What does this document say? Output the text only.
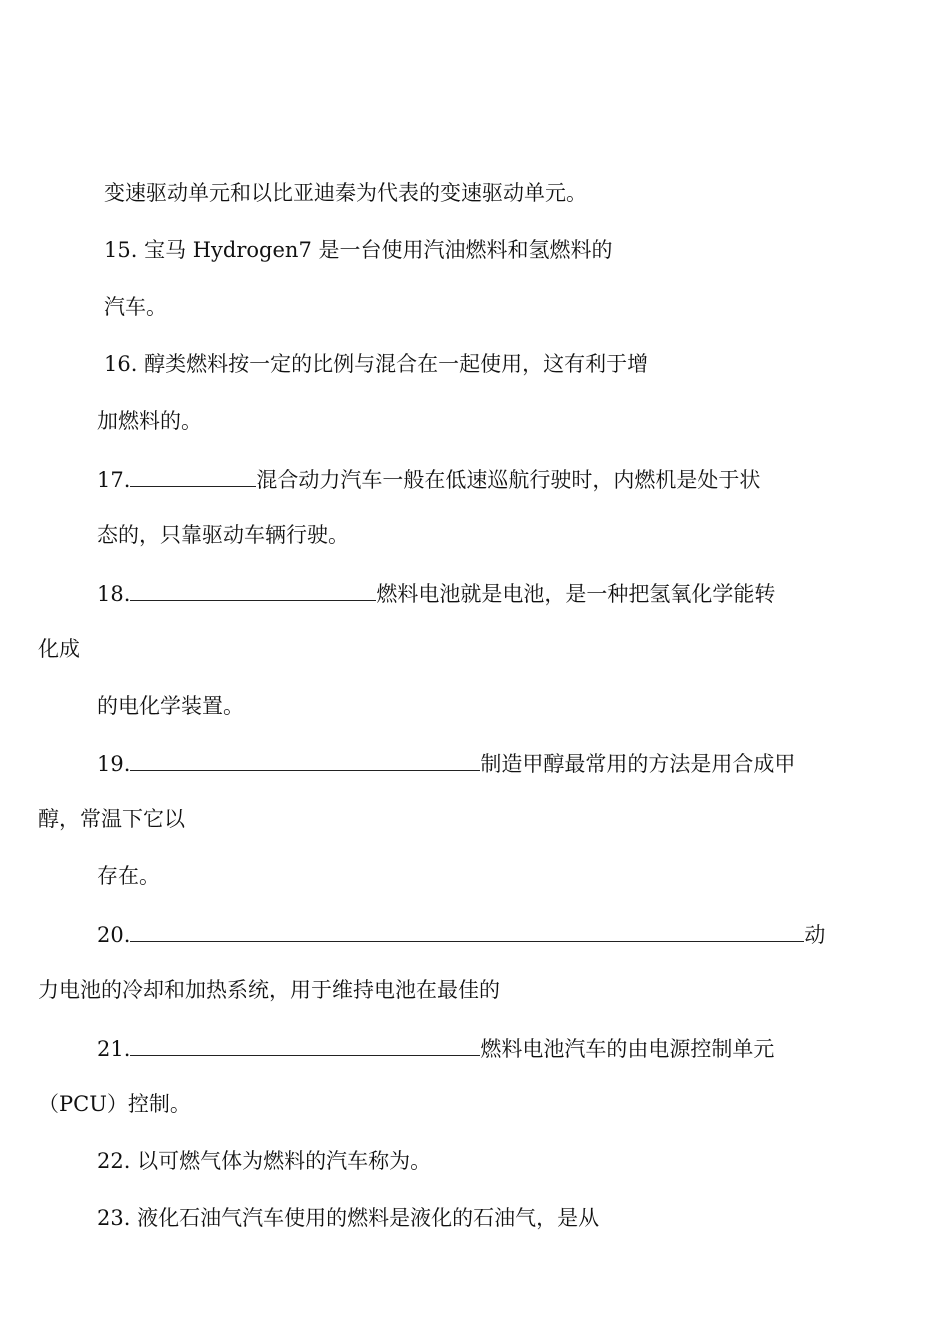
变速驱动单元和以比亚迪秦为代表的变速驱动单元。
15. 宝马 Hydrogen7 是一台使用汽油燃料和氢燃料的
汽车。
16. 醇类燃料按一定的比例与混合在一起使用，这有利于增
加燃料的。
17.	混合动力汽车一般在低速巡航行驶时，内燃机是处于状
态的，只靠驱动车辆行驶。
18.	燃料电池就是电池，是一种把氢氧化学能转
化成
的电化学装置。
19.	制造甲醇最常用的方法是用合成甲
醇，常温下它以
存在。
20.	动
力电池的冷却和加热系统，用于维持电池在最佳的
21.	燃料电池汽车的由电源控制单元
（PCU）控制。
22. 以可燃气体为燃料的汽车称为。
23. 液化石油气汽车使用的燃料是液化的石油气，是从
